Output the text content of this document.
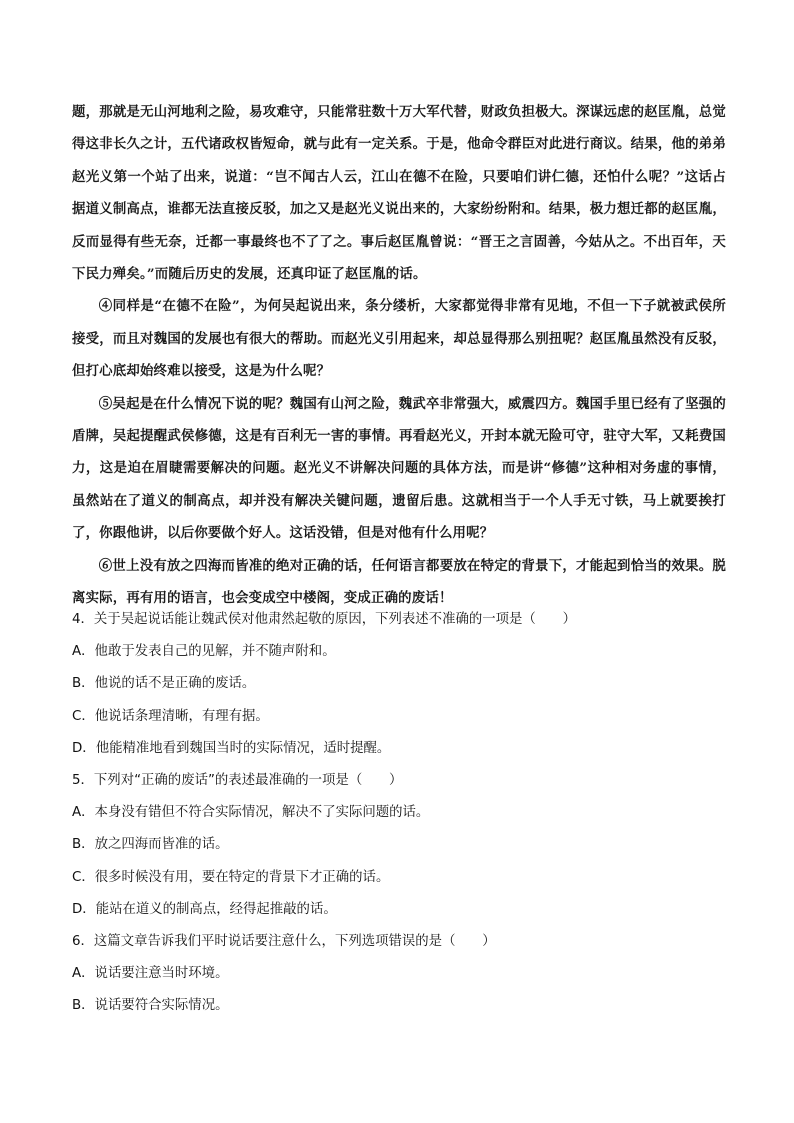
题，那就是无山河地利之险，易攻难守，只能常驻数十万大军代替，财政负担极大。深谋远虑的赵匡胤，总觉得这非长久之计，五代诸政权皆短命，就与此有一定关系。于是，他命令群臣对此进行商议。结果，他的弟弟赵光义第一个站了出来，说道：“岂不闻古人云，江山在德不在险，只要咱们讲仁德，还怕什么呢？”这话占据道义制高点，谁都无法直接反驳，加之又是赵光义说出来的，大家纷纷附和。结果，极力想迁都的赵匡胤，反而显得有些无奈，迁都一事最终也不了了之。事后赵匡胤曾说：“晋王之言固善，今姑从之。不出百年，天下民力殚矣。”而随后历史的发展，还真印证了赵匡胤的话。

④同样是“在德不在险”，为何吴起说出来，条分缕析，大家都觉得非常有见地，不但一下子就被武侯所接受，而且对魏国的发展也有很大的帮助。而赵光义引用起来，却总显得那么别扭呢？赵匡胤虽然没有反驳，但打心底却始终难以接受，这是为什么呢？

⑤吴起是在什么情况下说的呢？魏国有山河之险，魏武卒非常强大，威震四方。魏国手里已经有了坚强的盾牌，吴起提醒武侯修德，这是有百利无一害的事情。再看赵光义，开封本就无险可守，驻守大军，又耗费国力，这是迫在眉睫需要解决的问题。赵光义不讲解决问题的具体方法，而是讲“修德”这种相对务虚的事情，虽然站在了道义的制高点，却并没有解决关键问题，遗留后患。这就相当于一个人手无寸铁，马上就要挨打了，你跟他讲，以后你要做个好人。这话没错，但是对他有什么用呢？

⑥世上没有放之四海而皆准的绝对正确的话，任何语言都要放在特定的背景下，才能起到恰当的效果。脱离实际，再有用的语言，也会变成空中楼阁，变成正确的废话！

4．关于吴起说话能让魏武侯对他肃然起敬的原因，下列表述不准确的一项是（　　）

A．他敢于发表自己的见解，并不随声附和。

B．他说的话不是正确的废话。

C．他说话条理清晰，有理有据。

D．他能精准地看到魏国当时的实际情况，适时提醒。

5．下列对“正确的废话”的表述最准确的一项是（　　）

A．本身没有错但不符合实际情况，解决不了实际问题的话。

B．放之四海而皆准的话。

C．很多时候没有用，要在特定的背景下才正确的话。

D．能站在道义的制高点，经得起推敲的话。

6．这篇文章告诉我们平时说话要注意什么，下列选项错误的是（　　）

A．说话要注意当时环境。

B．说话要符合实际情况。
